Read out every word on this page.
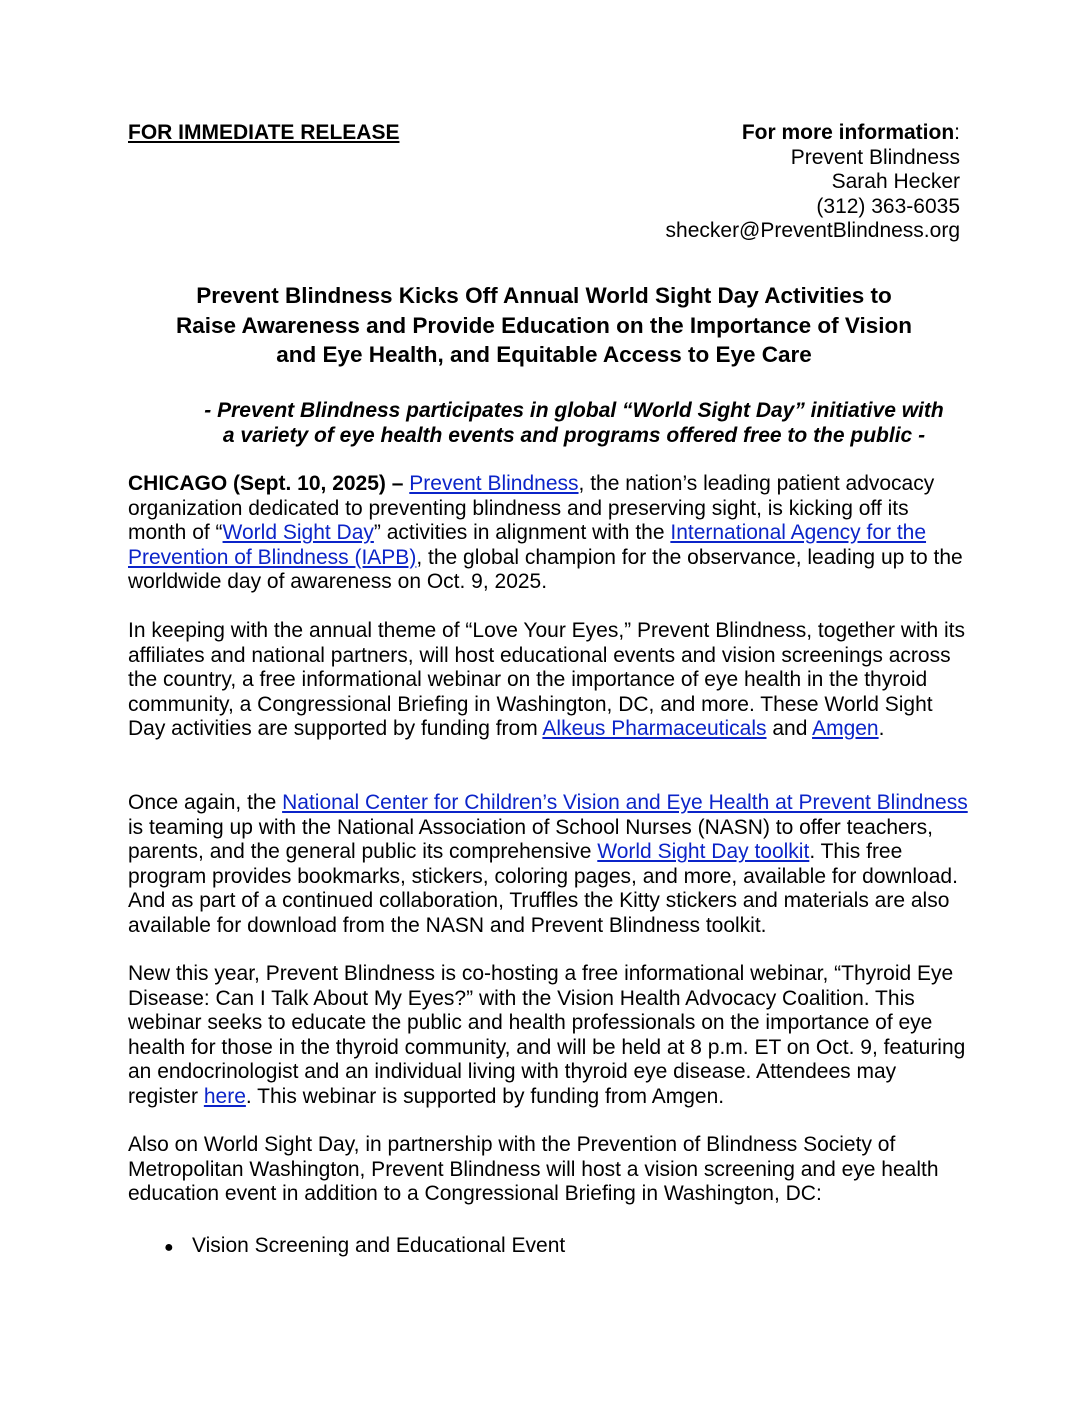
FOR IMMEDIATE RELEASE	For more information:
Prevent Blindness
Sarah Hecker
(312) 363-6035
shecker@PreventBlindness.org
Prevent Blindness Kicks Off Annual World Sight Day Activities to
Raise Awareness and Provide Education on the Importance of Vision
and Eye Health, and Equitable Access to Eye Care
- Prevent Blindness participates in global “World Sight Day” initiative with
a variety of eye health events and programs offered free to the public -
CHICAGO (Sept. 10, 2025) – Prevent Blindness, the nation’s leading patient advocacy organization dedicated to preventing blindness and preserving sight, is kicking off its month of “World Sight Day” activities in alignment with the International Agency for the Prevention of Blindness (IAPB), the global champion for the observance, leading up to the worldwide day of awareness on Oct. 9, 2025.
In keeping with the annual theme of “Love Your Eyes,” Prevent Blindness, together with its affiliates and national partners, will host educational events and vision screenings across the country, a free informational webinar on the importance of eye health in the thyroid community, a Congressional Briefing in Washington, DC, and more. These World Sight Day activities are supported by funding from Alkeus Pharmaceuticals and Amgen.
Once again, the National Center for Children’s Vision and Eye Health at Prevent Blindness is teaming up with the National Association of School Nurses (NASN) to offer teachers, parents, and the general public its comprehensive World Sight Day toolkit. This free program provides bookmarks, stickers, coloring pages, and more, available for download. And as part of a continued collaboration, Truffles the Kitty stickers and materials are also available for download from the NASN and Prevent Blindness toolkit.
New this year, Prevent Blindness is co-hosting a free informational webinar, “Thyroid Eye Disease: Can I Talk About My Eyes?” with the Vision Health Advocacy Coalition. This webinar seeks to educate the public and health professionals on the importance of eye health for those in the thyroid community, and will be held at 8 p.m. ET on Oct. 9, featuring an endocrinologist and an individual living with thyroid eye disease. Attendees may register here. This webinar is supported by funding from Amgen.
Also on World Sight Day, in partnership with the Prevention of Blindness Society of Metropolitan Washington, Prevent Blindness will host a vision screening and eye health education event in addition to a Congressional Briefing in Washington, DC:
● Vision Screening and Educational Event
